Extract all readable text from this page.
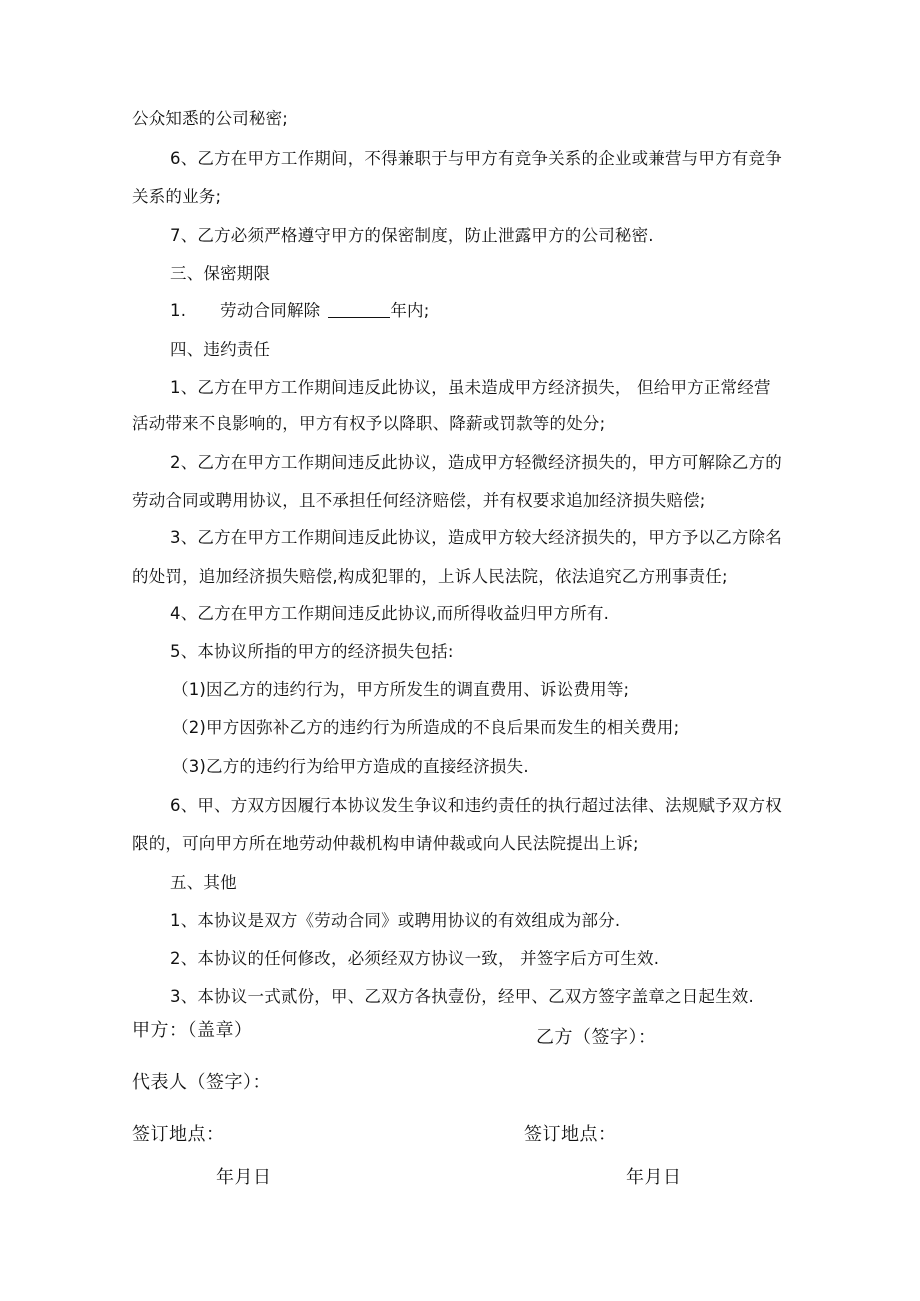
公众知悉的公司秘密;
6、乙方在甲方工作期间，不得兼职于与甲方有竞争关系的企业或兼营与甲方有竞争
关系的业务;
7、乙方必须严格遵守甲方的保密制度，防止泄露甲方的公司秘密.
三、保密期限
1. 劳动合同解除	年内;
四、违约责任
1、乙方在甲方工作期间违反此协议，虽未造成甲方经济损失， 但给甲方正常经营
活动带来不良影响的，甲方有权予以降职、降薪或罚款等的处分;
2、乙方在甲方工作期间违反此协议，造成甲方轻微经济损失的，甲方可解除乙方的
劳动合同或聘用协议，且不承担任何经济赔偿，并有权要求追加经济损失赔偿;
3、乙方在甲方工作期间违反此协议，造成甲方较大经济损失的，甲方予以乙方除名
的处罚，追加经济损失赔偿,构成犯罪的，上诉人民法院，依法追究乙方刑事责任;
4、乙方在甲方工作期间违反此协议,而所得收益归甲方所有.
5、本协议所指的甲方的经济损失包括:
（1)因乙方的违约行为，甲方所发生的调直费用、诉讼费用等;
（2)甲方因弥补乙方的违约行为所造成的不良后果而发生的相关费用;
（3)乙方的违约行为给甲方造成的直接经济损失.
6、甲、方双方因履行本协议发生争议和违约责任的执行超过法律、法规赋予双方权
限的，可向甲方所在地劳动仲裁机构申请仲裁或向人民法院提出上诉;
五、其他
1、本协议是双方《劳动合同》或聘用协议的有效组成为部分.
2、本协议的任何修改，必须经双方协议一致， 并签字后方可生效.
3、本协议一式贰份，甲、乙双方各执壹份，经甲、乙双方签字盖章之日起生效.
甲方：（盖章）	乙方（签字）：
代表人（签字）：
签订地点：	签订地点：
年月日	年月日
